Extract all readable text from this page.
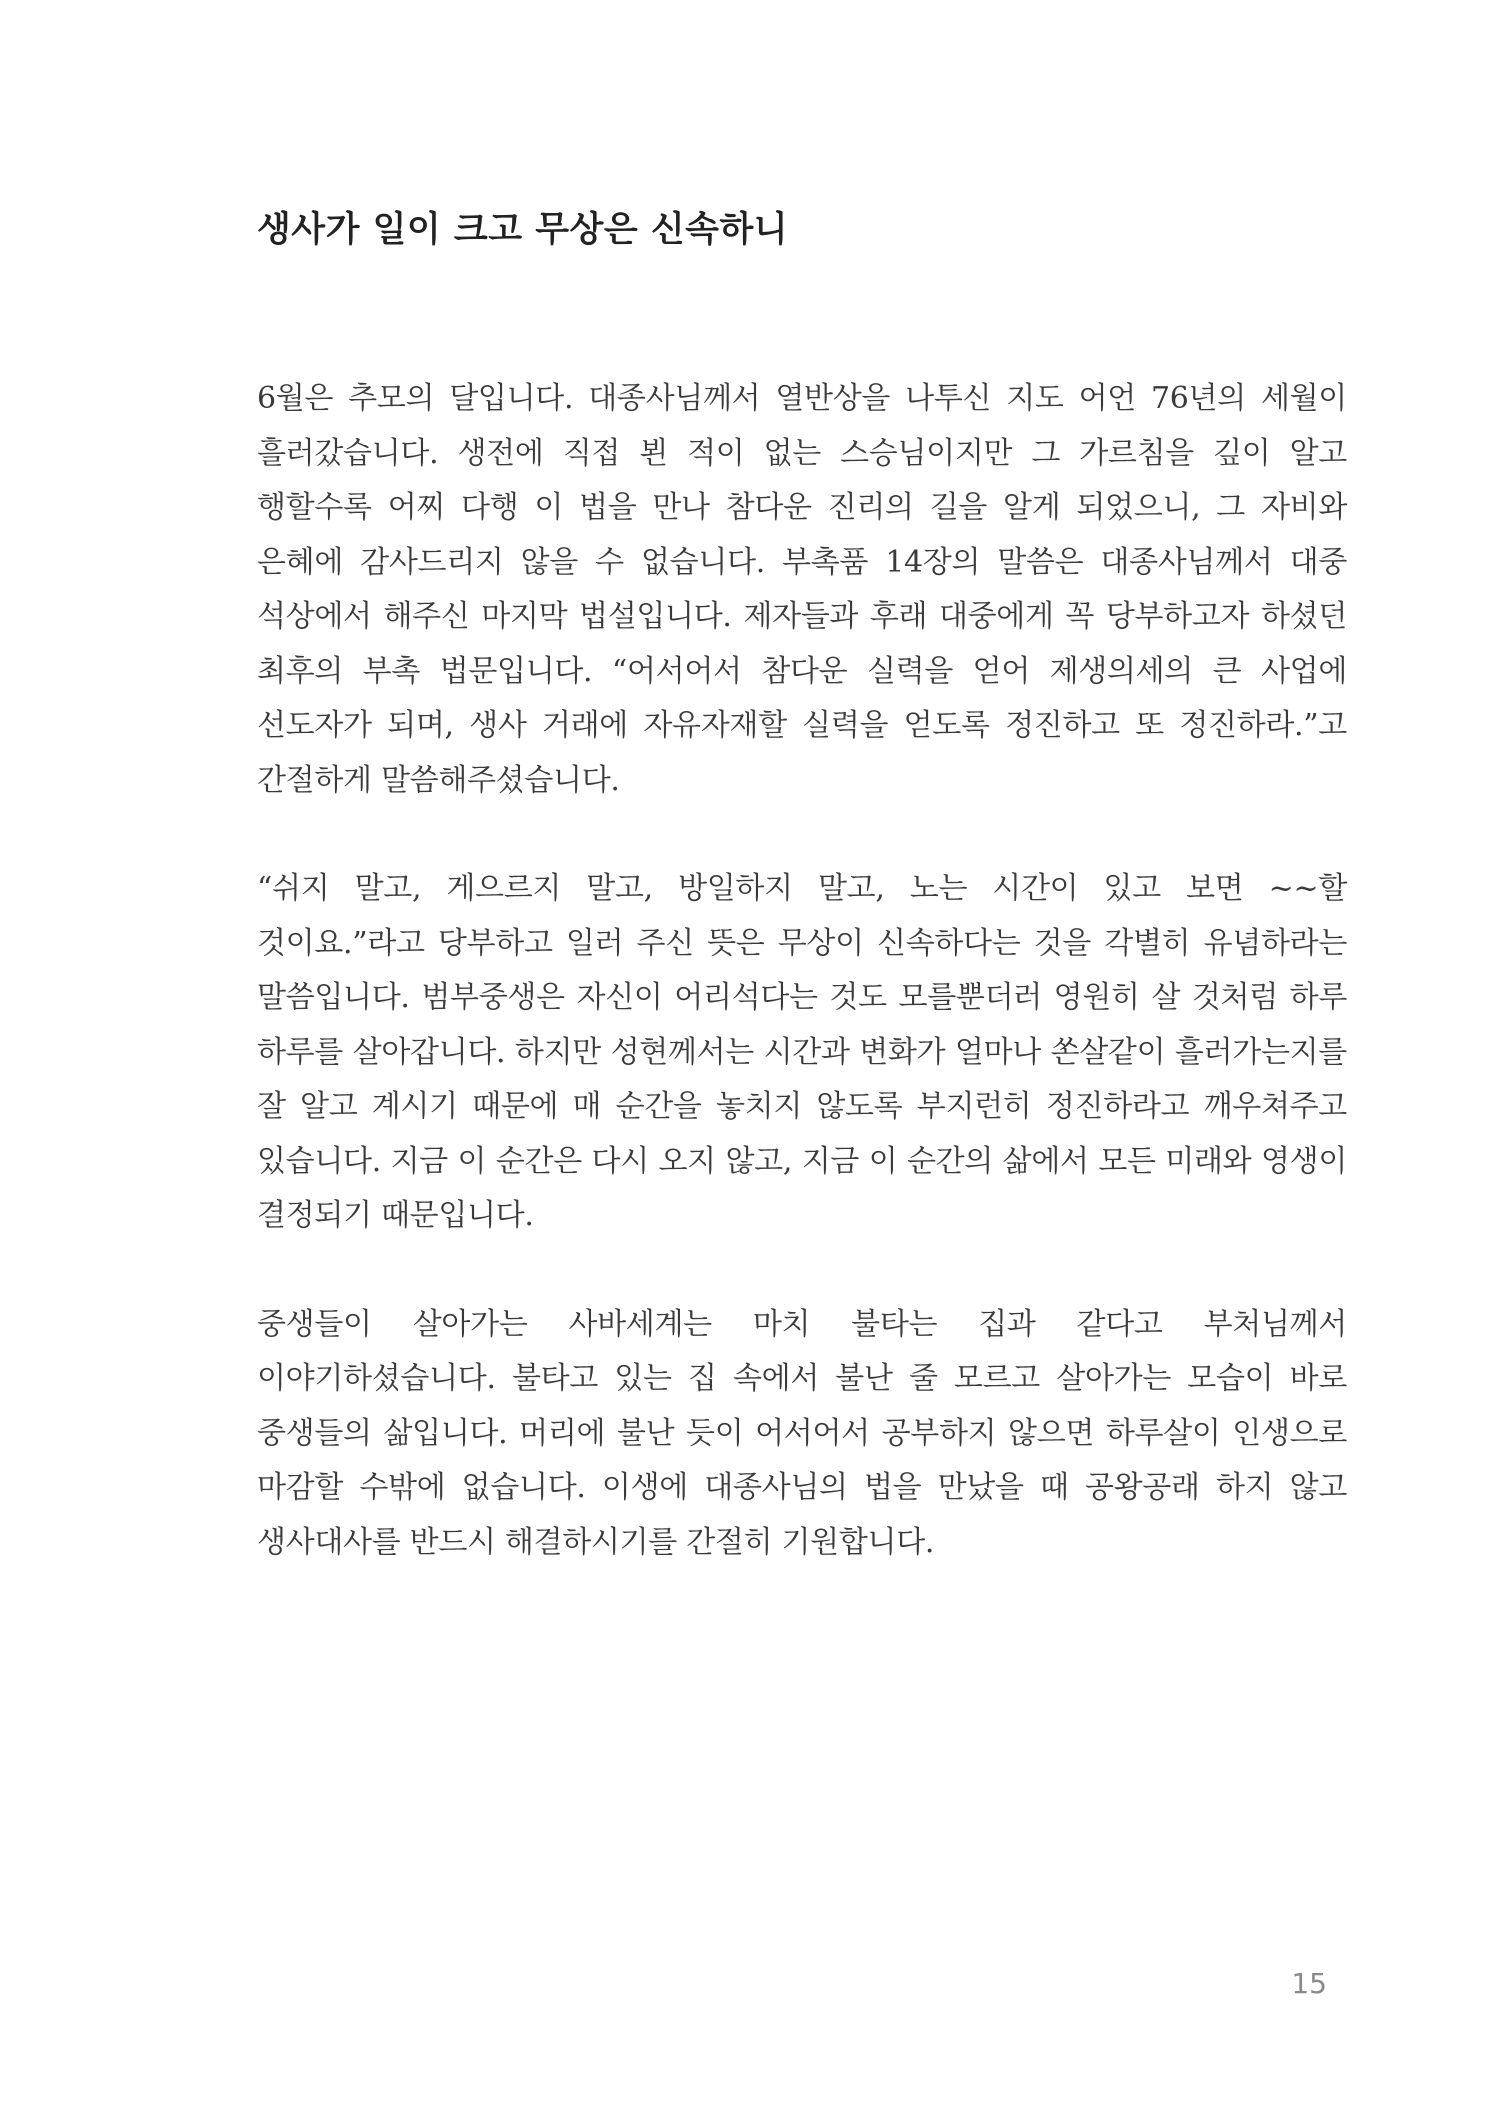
생사가 일이 크고 무상은 신속하니

6월은 추모의 달입니다. 대종사님께서 열반상을 나투신 지도 어언 76년의 세월이 흘러갔습니다. 생전에 직접 뵌 적이 없는 스승님이지만 그 가르침을 깊이 알고 행할수록 어찌 다행 이 법을 만나 참다운 진리의 길을 알게 되었으니, 그 자비와 은혜에 감사드리지 않을 수 없습니다. 부촉품 14장의 말씀은 대종사님께서 대중 석상에서 해주신 마지막 법설입니다. 제자들과 후래 대중에게 꼭 당부하고자 하셨던 최후의 부촉 법문입니다. “어서어서 참다운 실력을 얻어 제생의세의 큰 사업에 선도자가 되며, 생사 거래에 자유자재할 실력을 얻도록 정진하고 또 정진하라.”고 간절하게 말씀해주셨습니다.

“쉬지 말고, 게으르지 말고, 방일하지 말고, 노는 시간이 있고 보면 ~~할 것이요.”라고 당부하고 일러 주신 뜻은 무상이 신속하다는 것을 각별히 유념하라는 말씀입니다. 범부중생은 자신이 어리석다는 것도 모를뿐더러 영원히 살 것처럼 하루 하루를 살아갑니다. 하지만 성현께서는 시간과 변화가 얼마나 쏜살같이 흘러가는지를 잘 알고 계시기 때문에 매 순간을 놓치지 않도록 부지런히 정진하라고 깨우쳐주고 있습니다. 지금 이 순간은 다시 오지 않고, 지금 이 순간의 삶에서 모든 미래와 영생이 결정되기 때문입니다.

중생들이 살아가는 사바세계는 마치 불타는 집과 같다고 부처님께서 이야기하셨습니다. 불타고 있는 집 속에서 불난 줄 모르고 살아가는 모습이 바로 중생들의 삶입니다. 머리에 불난 듯이 어서어서 공부하지 않으면 하루살이 인생으로 마감할 수밖에 없습니다. 이생에 대종사님의 법을 만났을 때 공왕공래 하지 않고 생사대사를 반드시 해결하시기를 간절히 기원합니다.

15
